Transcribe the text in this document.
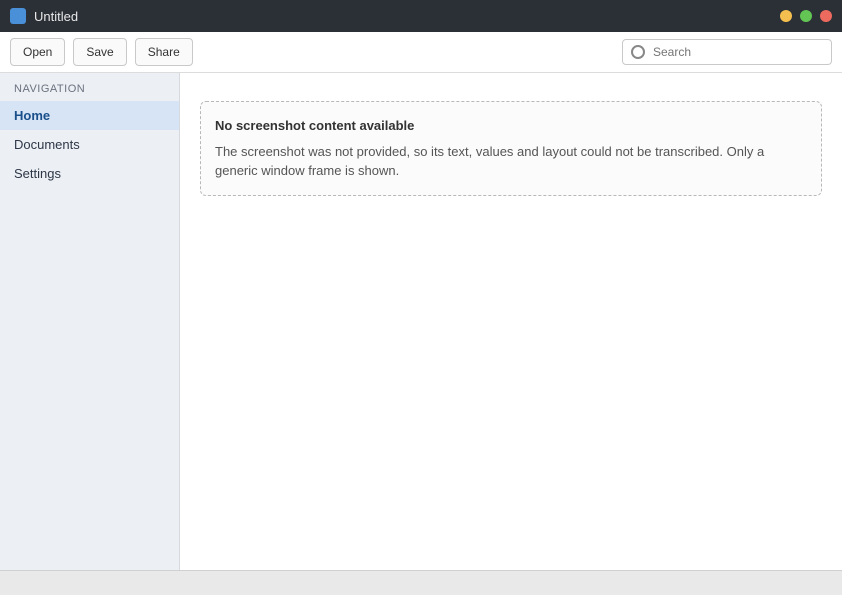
Untitled
Open	Save	Share
Search
NAVIGATION
Home
Documents
Settings
No screenshot content available
The screenshot was not provided, so its text, values and layout could not be transcribed. Only a generic window frame is shown.
